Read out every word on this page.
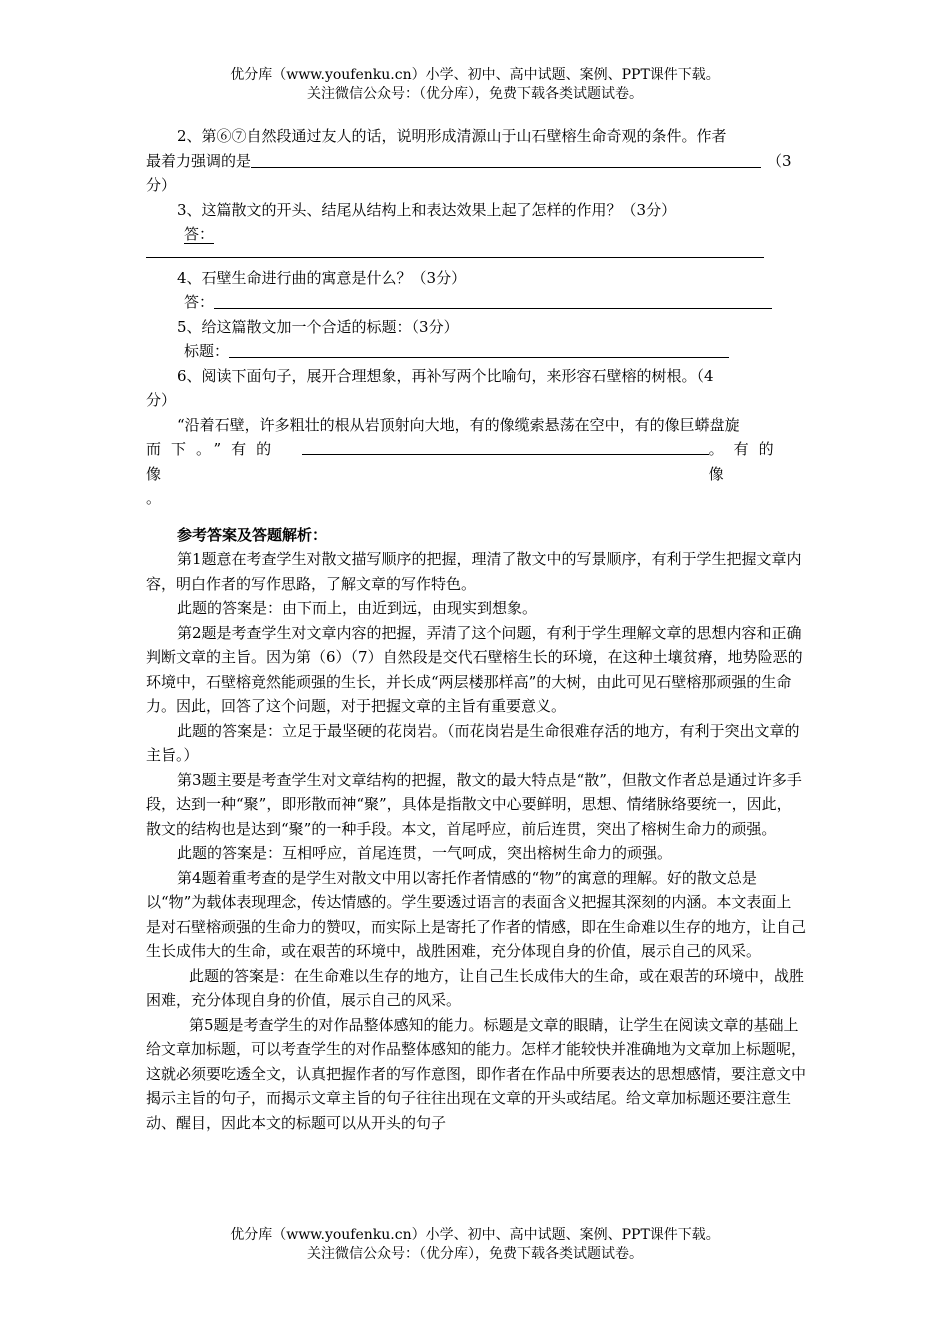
优分库（www.youfenku.cn）小学、初中、高中试题、案例、PPT课件下载。
关注微信公众号：（优分库），免费下载各类试题试卷。

2、第⑥⑦自然段通过友人的话，说明形成清源山于山石壁榕生命奇观的条件。作者

最着力强调的是	（3

分）

3、这篇散文的开头、结尾从结构上和表达效果上起了怎样的作用？（3分）

答：

4、石壁生命进行曲的寓意是什么？（3分）

答：

5、给这篇散文加一个合适的标题：（3分）

标题：

6、阅读下面句子，展开合理想象，再补写两个比喻句，来形容石壁榕的树根。（4

分）

“沿着石壁，许多粗壮的根从岩顶射向大地，有的像缆索悬荡在空中，有的像巨蟒盘旋

而下。”有的像
。有的像

。

参考答案及答题解析：

第1题意在考查学生对散文描写顺序的把握，理清了散文中的写景顺序，有利于学生把握文章内容，明白作者的写作思路，了解文章的写作特色。

此题的答案是：由下而上，由近到远，由现实到想象。

第2题是考查学生对文章内容的把握，弄清了这个问题，有利于学生理解文章的思想内容和正确判断文章的主旨。因为第（6）（7）自然段是交代石壁榕生长的环境，在这种土壤贫瘠，地势险恶的环境中，石壁榕竟然能顽强的生长，并长成“两层楼那样高”的大树，由此可见石壁榕那顽强的生命力。因此，回答了这个问题，对于把握文章的主旨有重要意义。

此题的答案是：立足于最坚硬的花岗岩。（而花岗岩是生命很难存活的地方，有利于突出文章的主旨。）

第3题主要是考查学生对文章结构的把握，散文的最大特点是“散”，但散文作者总是通过许多手段，达到一种“聚”，即形散而神“聚”，具体是指散文中心要鲜明，思想、情绪脉络要统一，因此，散文的结构也是达到“聚”的一种手段。本文，首尾呼应，前后连贯，突出了榕树生命力的顽强。

此题的答案是：互相呼应，首尾连贯，一气呵成，突出榕树生命力的顽强。

第4题着重考查的是学生对散文中用以寄托作者情感的“物”的寓意的理解。好的散文总是以“物”为载体表现理念，传达情感的。学生要透过语言的表面含义把握其深刻的内涵。本文表面上是对石壁榕顽强的生命力的赞叹，而实际上是寄托了作者的情感，即在生命难以生存的地方，让自己生长成伟大的生命，或在艰苦的环境中，战胜困难，充分体现自身的价值，展示自己的风采。

此题的答案是：在生命难以生存的地方，让自己生长成伟大的生命，或在艰苦的环境中，战胜困难，充分体现自身的价值，展示自己的风采。

第5题是考查学生的对作品整体感知的能力。标题是文章的眼睛，让学生在阅读文章的基础上给文章加标题，可以考查学生的对作品整体感知的能力。怎样才能较快并准确地为文章加上标题呢，这就必须要吃透全文，认真把握作者的写作意图，即作者在作品中所要表达的思想感情，要注意文中揭示主旨的句子，而揭示文章主旨的句子往往出现在文章的开头或结尾。给文章加标题还要注意生动、醒目，因此本文的标题可以从开头的句子

优分库（www.youfenku.cn）小学、初中、高中试题、案例、PPT课件下载。
关注微信公众号：（优分库），免费下载各类试题试卷。
